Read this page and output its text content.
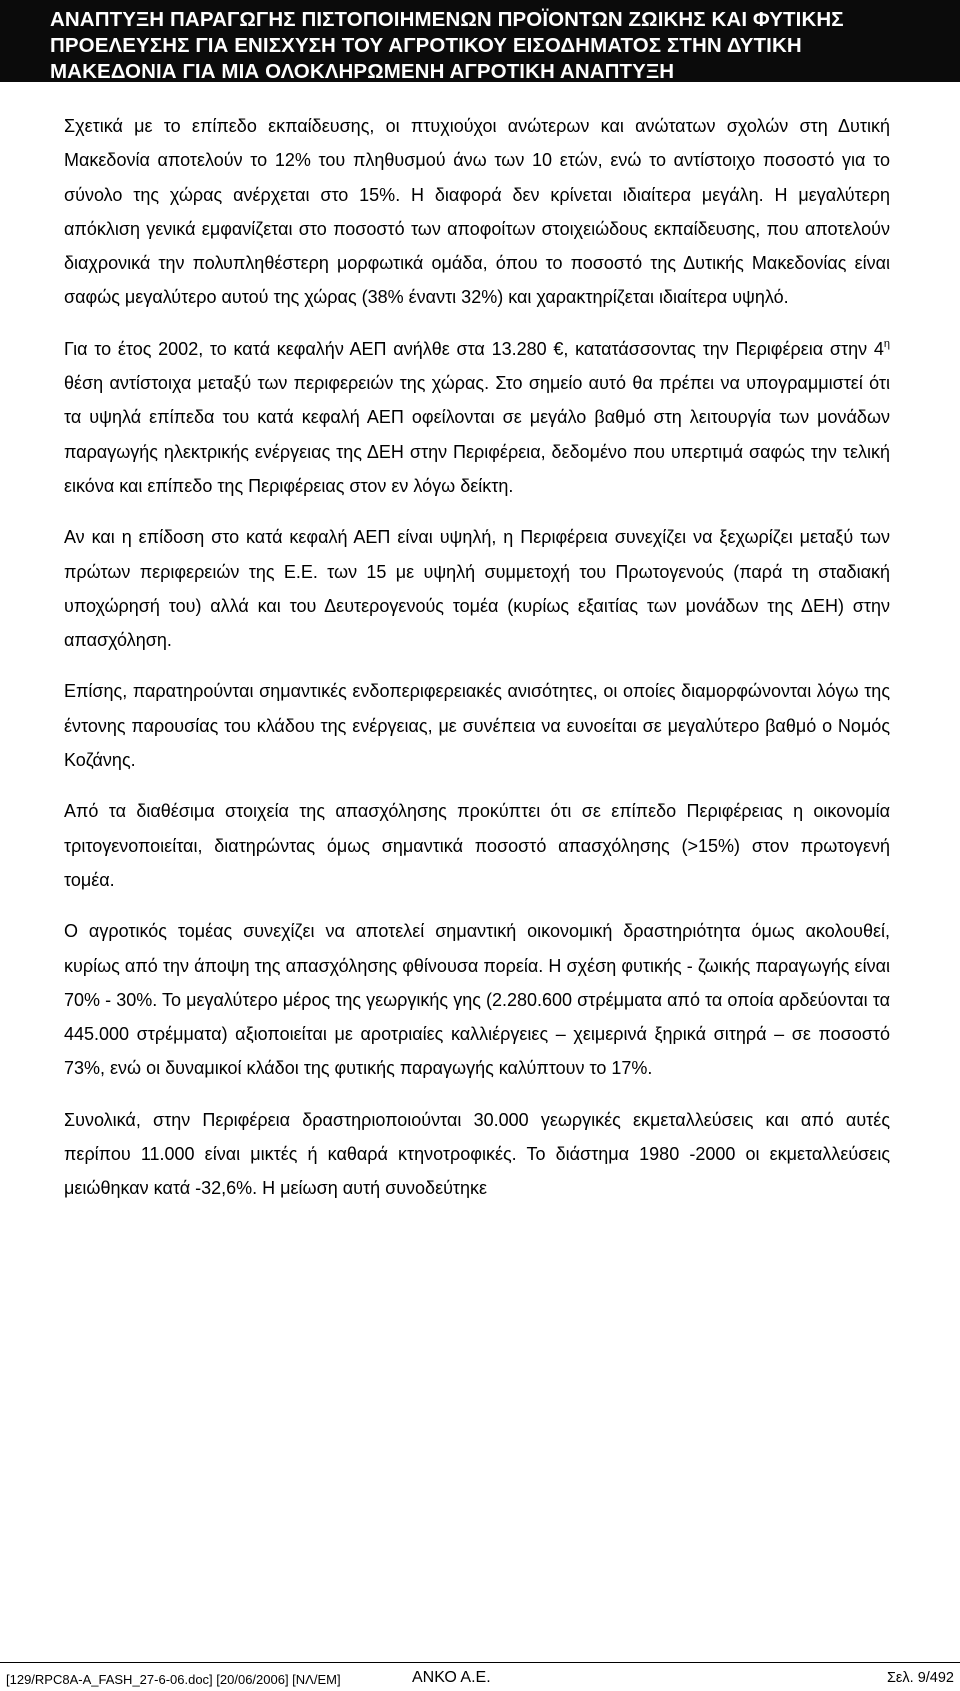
ΑΝΑΠΤΥΞΗ ΠΑΡΑΓΩΓΗΣ ΠΙΣΤΟΠΟΙΗΜΕΝΩΝ ΠΡΟΪΟΝΤΩΝ ΖΩΙΚΗΣ ΚΑΙ ΦΥΤΙΚΗΣ
ΠΡΟΕΛΕΥΣΗΣ ΓΙΑ ΕΝΙΣΧΥΣΗ ΤΟΥ ΑΓΡΟΤΙΚΟΥ ΕΙΣΟΔΗΜΑΤΟΣ ΣΤΗΝ ΔΥΤΙΚΗ
ΜΑΚΕΔΟΝΙΑ ΓΙΑ ΜΙΑ ΟΛΟΚΛΗΡΩΜΕΝΗ ΑΓΡΟΤΙΚΗ ΑΝΑΠΤΥΞΗ

Σχετικά με το επίπεδο εκπαίδευσης, οι πτυχιούχοι ανώτερων και ανώτατων σχολών στη Δυτική Μακεδονία αποτελούν το 12% του πληθυσμού άνω των 10 ετών, ενώ το αντίστοιχο ποσοστό για το σύνολο της χώρας ανέρχεται στο 15%. Η διαφορά δεν κρίνεται ιδιαίτερα μεγάλη. Η μεγαλύτερη απόκλιση γενικά εμφανίζεται στο ποσοστό των αποφοίτων στοιχειώδους εκπαίδευσης, που αποτελούν διαχρονικά την πολυπληθέστερη μορφωτικά ομάδα, όπου το ποσοστό της Δυτικής Μακεδονίας είναι σαφώς μεγαλύτερο αυτού της χώρας (38% έναντι 32%) και χαρακτηρίζεται ιδιαίτερα υψηλό.

Για το έτος 2002, το κατά κεφαλήν ΑΕΠ ανήλθε στα 13.280 €, κατατάσσοντας την Περιφέρεια στην $4^\eta$ θέση αντίστοιχα μεταξύ των περιφερειών της χώρας. Στο σημείο αυτό θα πρέπει να υπογραμμιστεί ότι τα υψηλά επίπεδα του κατά κεφαλή ΑΕΠ οφείλονται σε μεγάλο βαθμό στη λειτουργία των μονάδων παραγωγής ηλεκτρικής ενέργειας της ΔΕΗ στην Περιφέρεια, δεδομένο που υπερτιμά σαφώς την τελική εικόνα και επίπεδο της Περιφέρειας στον εν λόγω δείκτη.

Αν και η επίδοση στο κατά κεφαλή ΑΕΠ είναι υψηλή, η Περιφέρεια συνεχίζει να ξεχωρίζει μεταξύ των πρώτων περιφερειών της Ε.Ε. των 15 με υψηλή συμμετοχή του Πρωτογενούς (παρά τη σταδιακή υποχώρησή του) αλλά και του Δευτερογενούς τομέα (κυρίως εξαιτίας των μονάδων της ΔΕΗ) στην απασχόληση.

Επίσης, παρατηρούνται σημαντικές ενδοπεριφερειακές ανισότητες, οι οποίες διαμορφώνονται λόγω της έντονης παρουσίας του κλάδου της ενέργειας, με συνέπεια να ευνοείται σε μεγαλύτερο βαθμό ο Νομός Κοζάνης.

Από τα διαθέσιμα στοιχεία της απασχόλησης προκύπτει ότι σε επίπεδο Περιφέρειας η οικονομία τριτογενοποιείται, διατηρώντας όμως σημαντικά ποσοστό απασχόλησης (>15%) στον πρωτογενή τομέα.

Ο αγροτικός τομέας συνεχίζει να αποτελεί σημαντική οικονομική δραστηριότητα όμως ακολουθεί, κυρίως από την άποψη της απασχόλησης φθίνουσα πορεία. Η σχέση φυτικής - ζωικής παραγωγής είναι 70% - 30%. Το μεγαλύτερο μέρος της γεωργικής γης (2.280.600 στρέμματα από τα οποία αρδεύονται τα 445.000 στρέμματα) αξιοποιείται με αροτριαίες καλλιέργειες – χειμερινά ξηρικά σιτηρά – σε ποσοστό 73%, ενώ οι δυναμικοί κλάδοι της φυτικής παραγωγής καλύπτουν το 17%.

Συνολικά, στην Περιφέρεια δραστηριοποιούνται 30.000 γεωργικές εκμεταλλεύσεις και από αυτές περίπου 11.000 είναι μικτές ή καθαρά κτηνοτροφικές. Το διάστημα 1980 -2000 οι εκμεταλλεύσεις μειώθηκαν κατά -32,6%. Η μείωση αυτή συνοδεύτηκε

[129/RPC8A-A_FASH_27-6-06.doc] [20/06/2006] [ΝΛ/ΕΜ]	ΑΝΚΟ Α.Ε.	Σελ. 9/492
